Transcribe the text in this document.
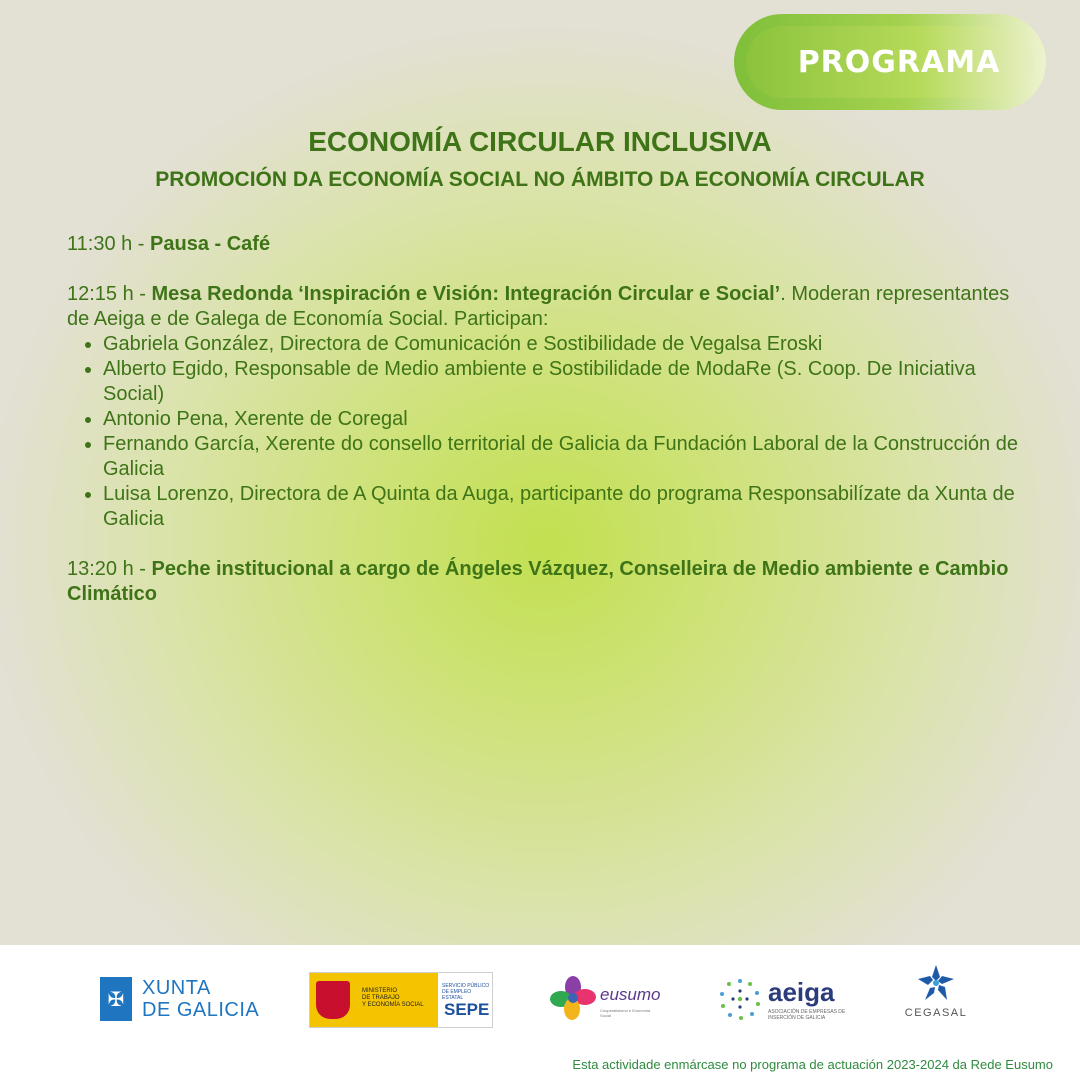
PROGRAMA
ECONOMÍA CIRCULAR INCLUSIVA
PROMOCIÓN DA ECONOMÍA SOCIAL NO ÁMBITO DA ECONOMÍA CIRCULAR

11:30 h - Pausa - Café

12:15 h - Mesa Redonda ‘Inspiración e Visión: Integración Circular e Social’. Moderan representantes de Aeiga e de Galega de Economía Social. Participan:

• Gabriela González, Directora de Comunicación e Sostibilidade de Vegalsa Eroski
• Alberto Egido, Responsable de Medio ambiente e Sostibilidade de ModaRe (S. Coop. De Iniciativa Social)
• Antonio Pena, Xerente de Coregal
• Fernando García, Xerente do consello territorial de Galicia da Fundación Laboral de la Construcción de Galicia
• Luisa Lorenzo, Directora de A Quinta da Auga, participante do programa Responsabilízate da Xunta de Galicia

13:20 h - Peche institucional a cargo de Ángeles Vázquez, Conselleira de Medio ambiente e Cambio Climático

✠ XUNTA
DE GALICIA
MINISTERIO
DE TRABAJO
Y ECONOMÍA SOCIAL
SERVICIO PÚBLICO DE EMPLEO ESTATAL
SEPE
eusumo
Cooperativismo e Economía Social
aeiga
ASOCIACIÓN DE EMPRESAS DE INSERCIÓN DE GALICIA	CEGASAL
Esta actividade enmárcase no programa de actuación 2023-2024 da Rede Eusumo
